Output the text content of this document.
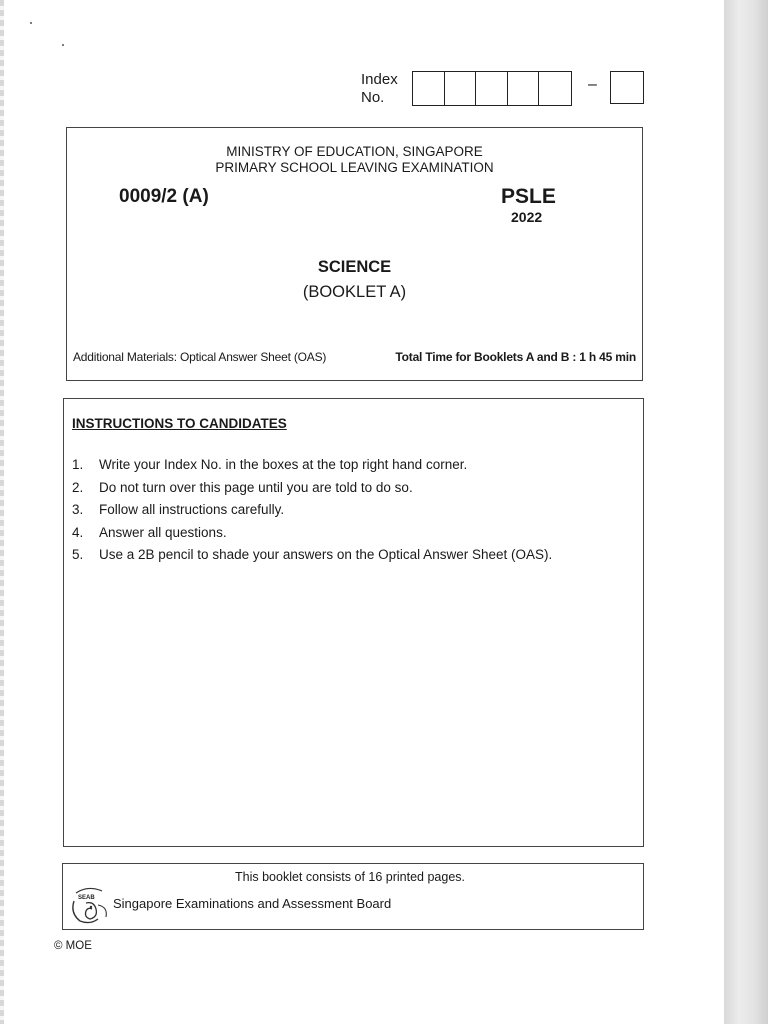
Index
No.
–
MINISTRY OF EDUCATION, SINGAPORE
PRIMARY SCHOOL LEAVING EXAMINATION
0009/2 (A)	PSLE
2022
SCIENCE
(BOOKLET A)
Additional Materials: Optical Answer Sheet (OAS)	Total Time for Booklets A and B : 1 h 45 min
INSTRUCTIONS TO CANDIDATES
1.	Write your Index No. in the boxes at the top right hand corner.
2.	Do not turn over this page until you are told to do so.
3.	Follow all instructions carefully.
4.	Answer all questions.
5.	Use a 2B pencil to shade your answers on the Optical Answer Sheet (OAS).
This booklet consists of 16 printed pages.
SEAB Singapore Examinations and Assessment Board
© MOE
